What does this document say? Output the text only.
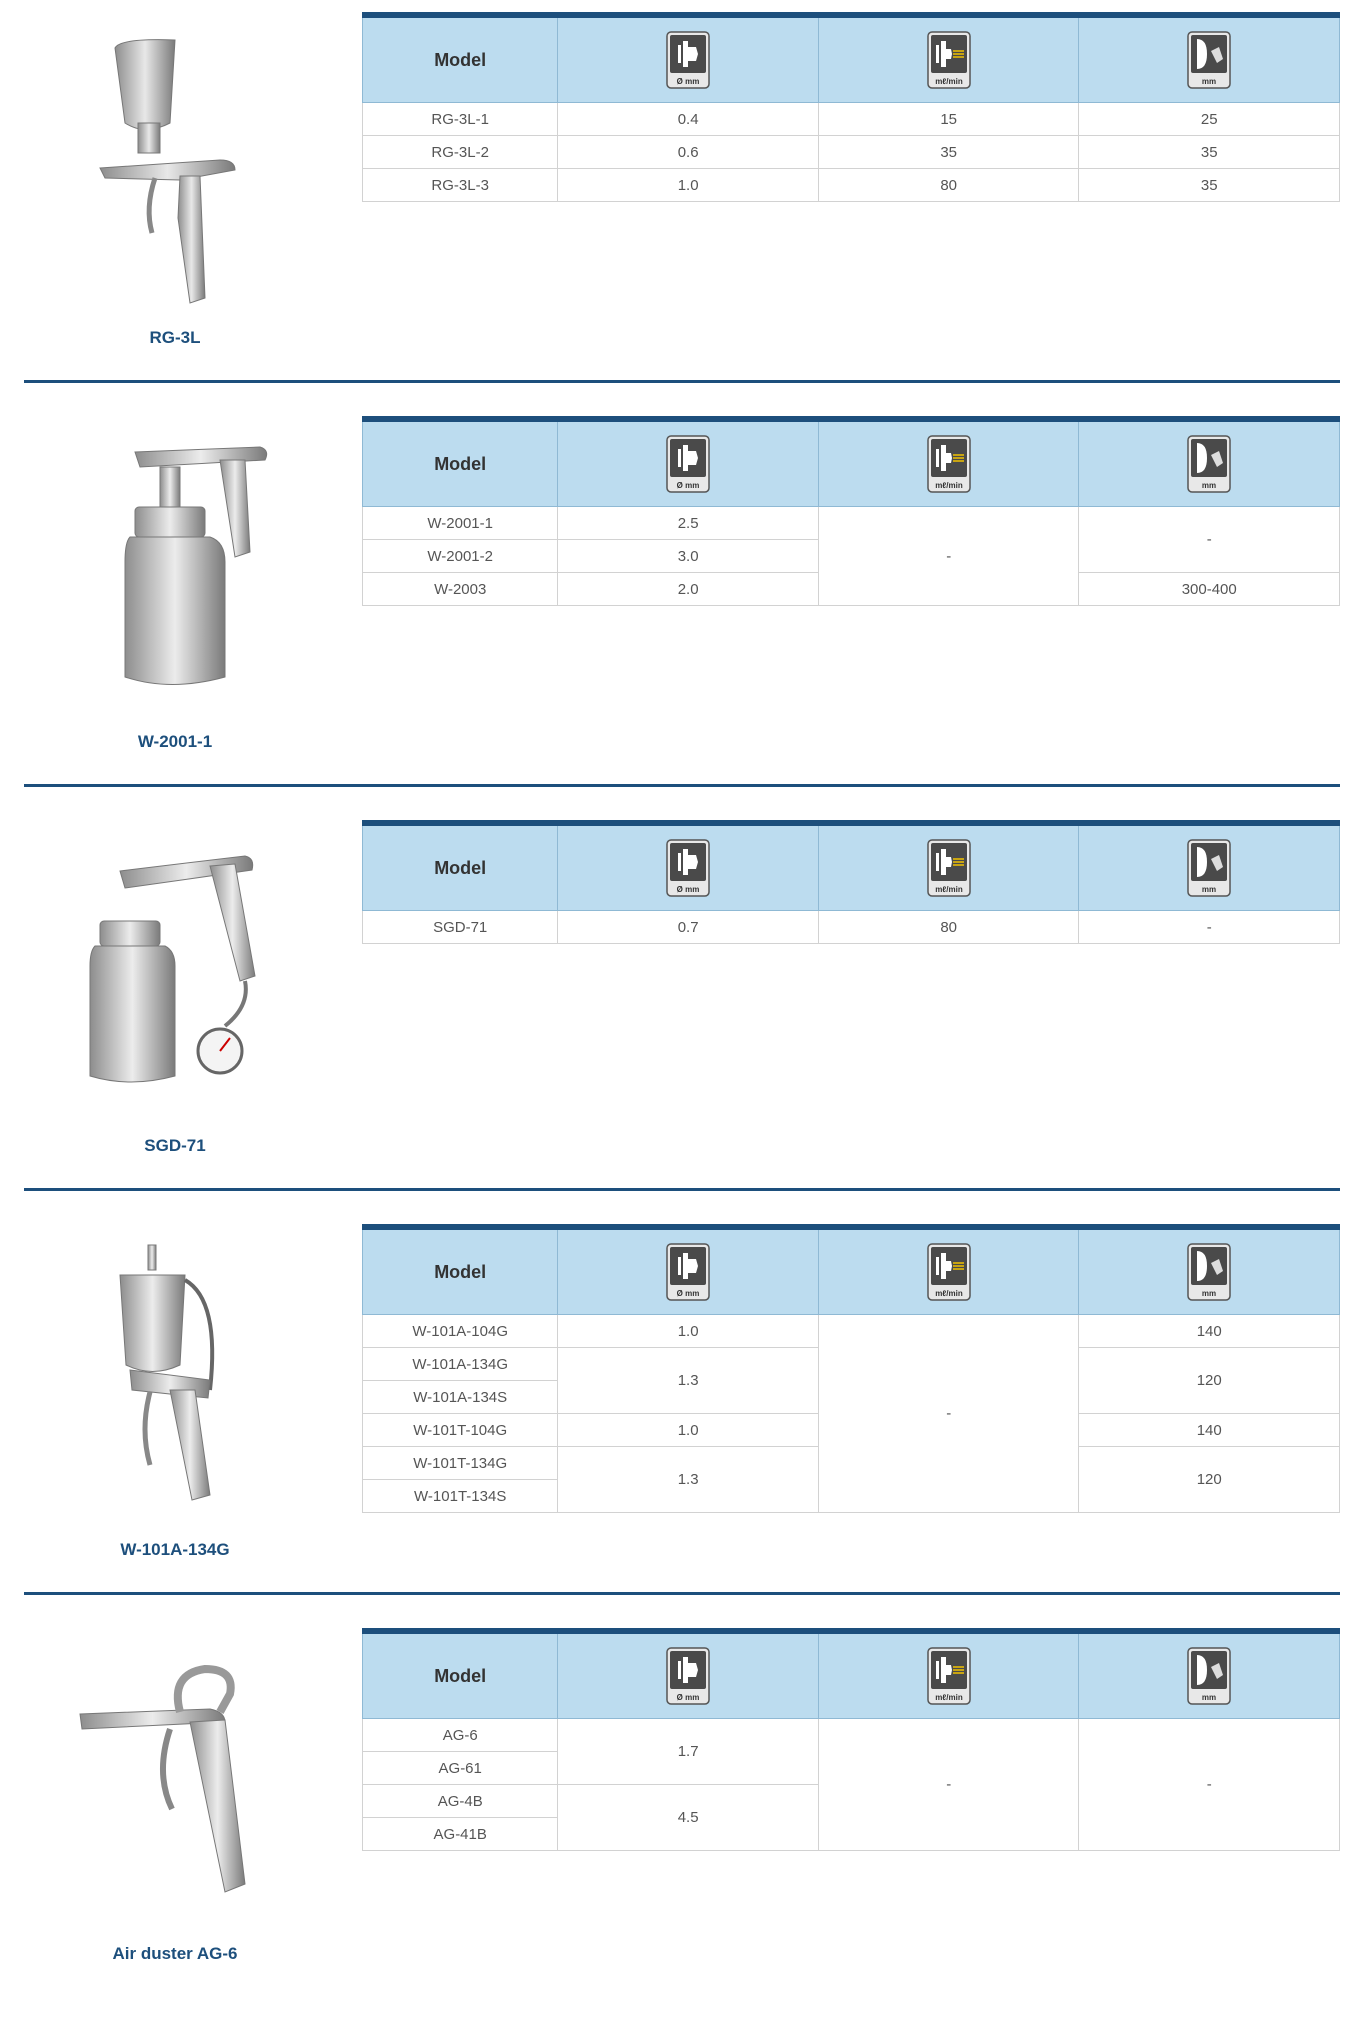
RG-3L
Model	Ø mm	mℓ/min	mm

RG-3L-1	0.4	15	25
RG-3L-2	0.6	35	35
RG-3L-3	1.0	80	35
W-2001-1
Model	Ø mm	mℓ/min	mm

W-2001-1	2.5	-	-
W-2001-2	3.0		
W-2003	2.0		300-400
SGD-71
Model	Ø mm	mℓ/min	mm

SGD-71	0.7	80	-
W-101A-134G
Model	Ø mm	mℓ/min	mm

W-101A-104G	1.0	-	140
W-101A-134G	1.3		120
W-101A-134S			
W-101T-104G	1.0		140
W-101T-134G	1.3		120
W-101T-134S			
Air duster AG-6
Model	Ø mm	mℓ/min	mm

AG-6	1.7	-	-
AG-61			
AG-4B	4.5		
AG-41B			
